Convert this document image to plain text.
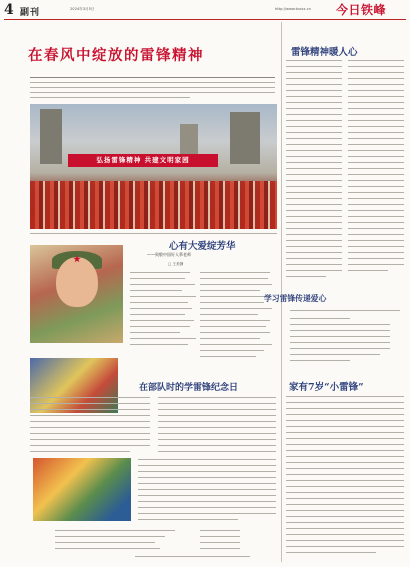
4 副刊	2024年3月5日	http://www.txxxx.cn 今日铁峰
在春风中绽放的雷锋精神
弘扬雷锋精神 共建文明家园
心有大爱绽芳华
——致敬中国好人慕老师
□ 王美静
在部队时的学雷锋纪念日
雷锋精神暖人心
学习雷锋传递爱心
家有7岁“小雷锋”
